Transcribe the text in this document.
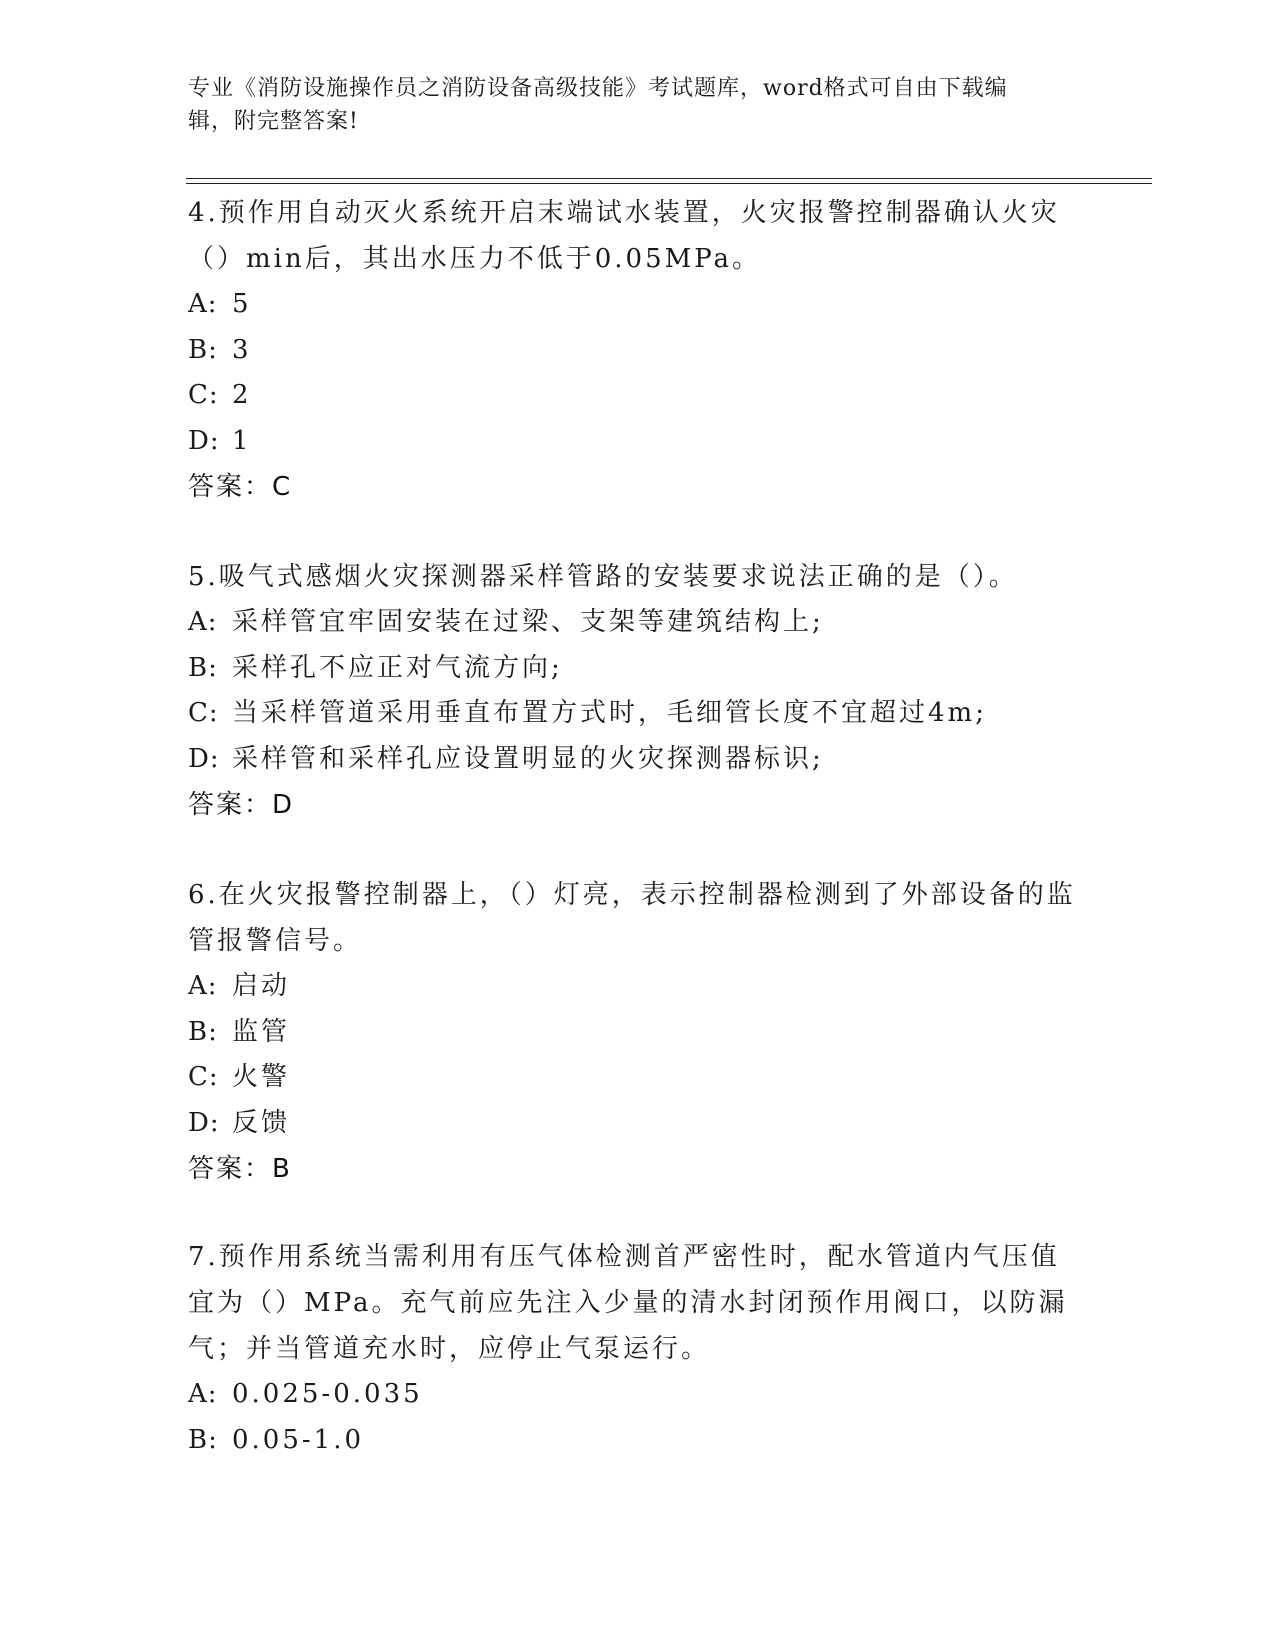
专业《消防设施操作员之消防设备高级技能》考试题库，word格式可自由下载编
辑，附完整答案!

4.预作用自动灭火系统开启末端试水装置，火灾报警控制器确认火灾（）min后，其出水压力不低于0.05MPa。

A: 5

B: 3

C: 2

D: 1

答案：C

5.吸气式感烟火灾探测器采样管路的安装要求说法正确的是（）。

A: 采样管宜牢固安装在过梁、支架等建筑结构上;

B: 采样孔不应正对气流方向;

C: 当采样管道采用垂直布置方式时，毛细管长度不宜超过4m;

D: 采样管和采样孔应设置明显的火灾探测器标识;

答案：D

6.在火灾报警控制器上，（）灯亮，表示控制器检测到了外部设备的监管报警信号。

A: 启动

B: 监管

C: 火警

D: 反馈

答案：B

7.预作用系统当需利用有压气体检测首严密性时，配水管道内气压值宜为（）MPa。充气前应先注入少量的清水封闭预作用阀口，以防漏气；并当管道充水时，应停止气泵运行。

A: 0.025-0.035

B: 0.05-1.0
